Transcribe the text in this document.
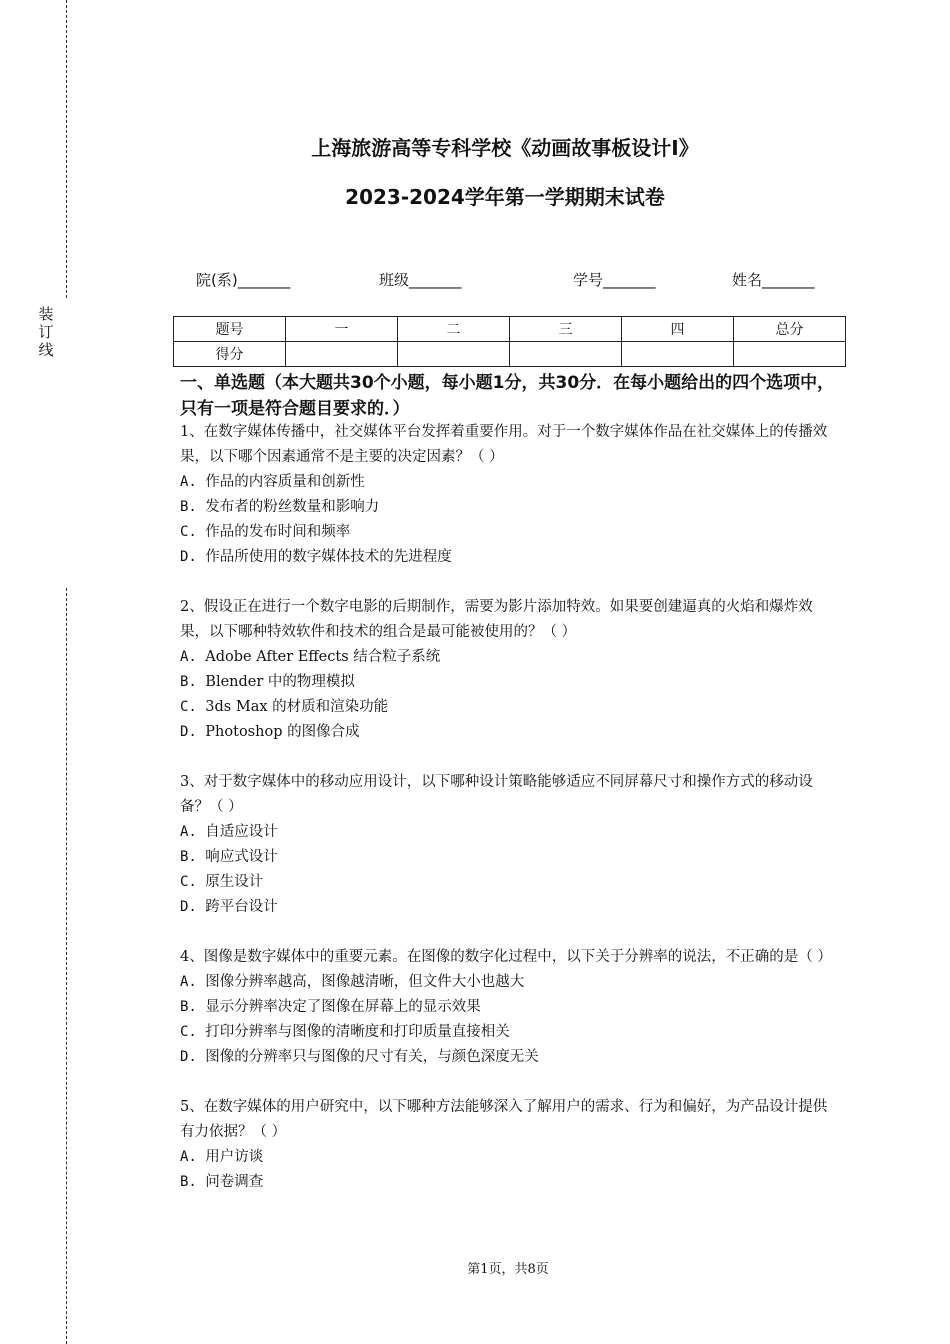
装
订
线
上海旅游高等专科学校《动画故事板设计Ⅰ》
2023-2024学年第一学期期末试卷
院(系)_______	班级_______	学号_______	姓名_______
题号	一	二	三	四	总分
得分					
一、单选题（本大题共30个小题，每小题1分，共30分．在每小题给出的四个选项中，只有一项是符合题目要求的．）

1、在数字媒体传播中，社交媒体平台发挥着重要作用。对于一个数字媒体作品在社交媒体上的传播效果，以下哪个因素通常不是主要的决定因素？（ ）

A. 作品的内容质量和创新性

B. 发布者的粉丝数量和影响力

C. 作品的发布时间和频率

D. 作品所使用的数字媒体技术的先进程度

2、假设正在进行一个数字电影的后期制作，需要为影片添加特效。如果要创建逼真的火焰和爆炸效果，以下哪种特效软件和技术的组合是最可能被使用的？（ ）

A. Adobe After Effects 结合粒子系统

B. Blender 中的物理模拟

C. 3ds Max 的材质和渲染功能

D. Photoshop 的图像合成

3、对于数字媒体中的移动应用设计，以下哪种设计策略能够适应不同屏幕尺寸和操作方式的移动设备？（ ）

A. 自适应设计

B. 响应式设计

C. 原生设计

D. 跨平台设计

4、图像是数字媒体中的重要元素。在图像的数字化过程中，以下关于分辨率的说法，不正确的是（ ）

A. 图像分辨率越高，图像越清晰，但文件大小也越大

B. 显示分辨率决定了图像在屏幕上的显示效果

C. 打印分辨率与图像的清晰度和打印质量直接相关

D. 图像的分辨率只与图像的尺寸有关，与颜色深度无关

5、在数字媒体的用户研究中，以下哪种方法能够深入了解用户的需求、行为和偏好，为产品设计提供有力依据？（ ）

A. 用户访谈

B. 问卷调查

第1页，共8页
